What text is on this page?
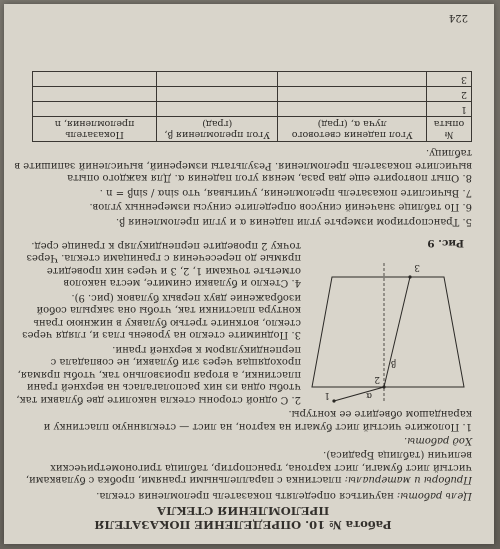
Работа № 10. ОПРЕДЕЛЕНИЕ ПОКАЗАТЕЛЯ
ПРЕЛОМЛЕНИЯ СТЕКЛА

Цель работы: научиться определять показатель преломления стекла.

Приборы и материалы: пластинка с параллельными гранями, пробка с булавками, чистый лист бумаги, лист картона, транспортир, таблица тригонометрических величин (таблица Брадиса).

Ход работы.
1. Положите чистый лист бумаги на картон, на лист — стеклянную пластинку и карандашом обведите ее контуры.
1
2
3
α
β
Рис. 9
2. С одной стороны стекла наколите две булавки так, чтобы одна из них располагалась на верхней грани пластинки, а вторая произвольно так, чтобы прямая, проходящая через эти булавки, не совпадала с перпендикуляром к верхней грани.
3. Поднимите стекло на уровень глаз и, глядя через стекло, воткните третью булавку в нижнюю грань контура пластинки так, чтобы она закрыла собой изображение двух первых булавок (рис. 9).
4. Стекло и булавки снимите, места наколов отметьте точками 1, 2, 3 и через них проведите прямые до пересечения с границами стекла. Через точку 2 проведите перпендикуляр к границе сред.
5. Транспортиром измерьте угли падения α и угли преломления β.
6. По таблице значений синусов определите синусы измеренных углов.
7. Вычислите показатель преломления, учитывая, что sinα / sinβ = n .
8. Опыт повторите еще два раза, меняя угол падения α. Для каждого опыта вычислите показатель преломления. Результаты измерений, вычислений запишите в таблицу.
№ опыта	Угол падения светового луча α, (град)	Угол преломления β, (град)	Показатель преломления, n
1			
2			
3			
224
